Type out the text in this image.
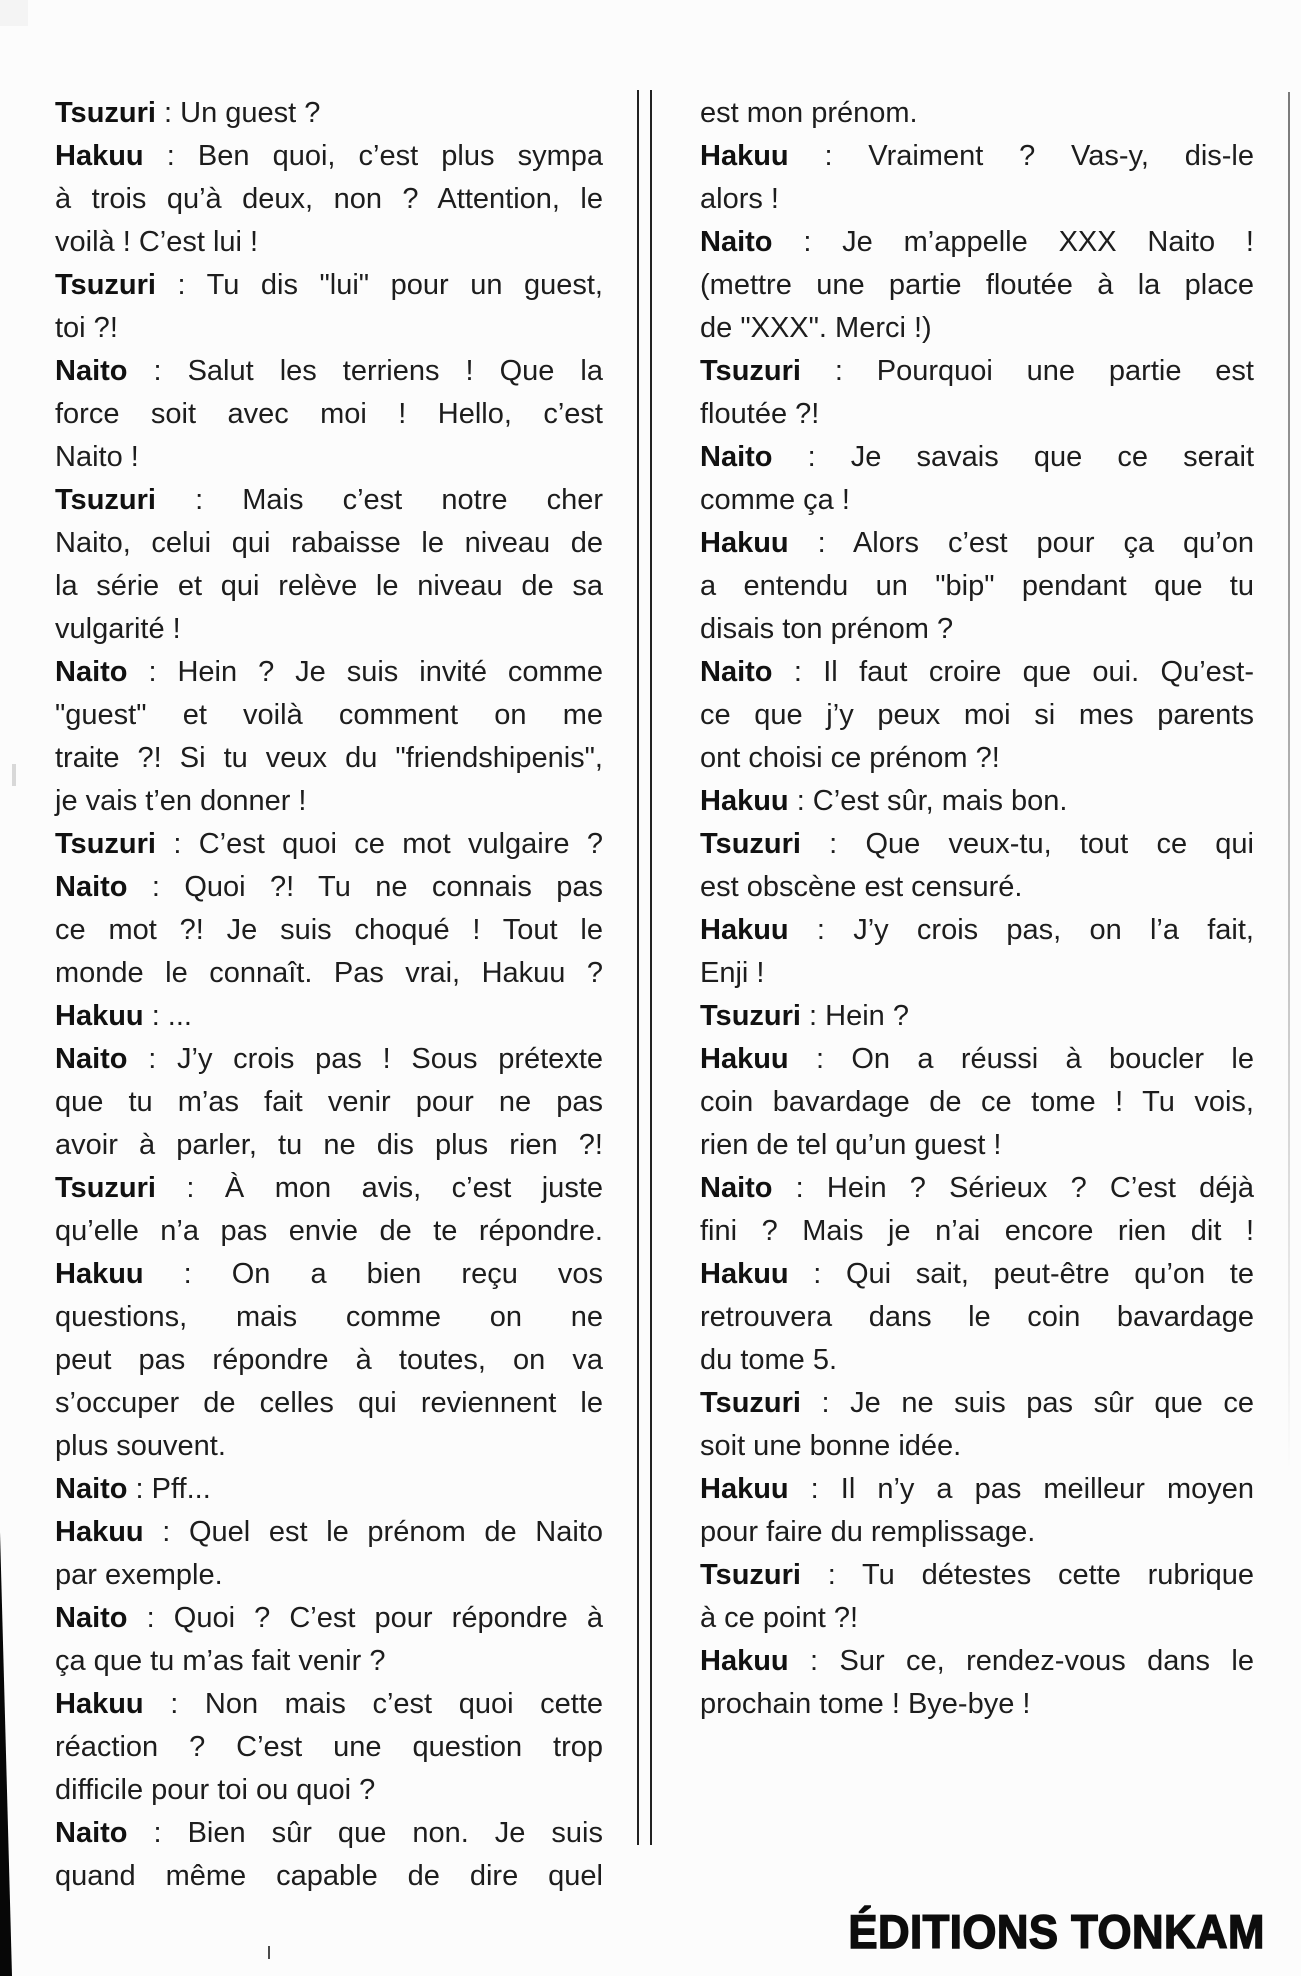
Tsuzuri : Un guest ?
Hakuu : Ben quoi, c’est plus sympa
à trois qu’à deux, non ? Attention, le
voilà ! C’est lui !
Tsuzuri : Tu dis "lui" pour un guest,
toi ?!
Naito : Salut les terriens ! Que la
force soit avec moi ! Hello, c’est
Naito !
Tsuzuri : Mais c’est notre cher
Naito, celui qui rabaisse le niveau de
la série et qui relève le niveau de sa
vulgarité !
Naito : Hein ? Je suis invité comme
"guest" et voilà comment on me
traite ?! Si tu veux du "friendshipenis",
je vais t’en donner !
Tsuzuri : C’est quoi ce mot vulgaire ?
Naito : Quoi ?! Tu ne connais pas
ce mot ?! Je suis choqué ! Tout le
monde le connaît. Pas vrai, Hakuu ?
Hakuu : ...
Naito : J’y crois pas ! Sous prétexte
que tu m’as fait venir pour ne pas
avoir à parler, tu ne dis plus rien ?!
Tsuzuri : À mon avis, c’est juste
qu’elle n’a pas envie de te répondre.
Hakuu : On a bien reçu vos
questions, mais comme on ne
peut pas répondre à toutes, on va
s’occuper de celles qui reviennent le
plus souvent.
Naito : Pff...
Hakuu : Quel est le prénom de Naito
par exemple.
Naito : Quoi ? C’est pour répondre à
ça que tu m’as fait venir ?
Hakuu : Non mais c’est quoi cette
réaction ? C’est une question trop
difficile pour toi ou quoi ?
Naito : Bien sûr que non. Je suis
quand même capable de dire quel
est mon prénom.
Hakuu : Vraiment ? Vas-y, dis-le
alors !
Naito : Je m’appelle XXX Naito !
(mettre une partie floutée à la place
de "XXX". Merci !)
Tsuzuri : Pourquoi une partie est
floutée ?!
Naito : Je savais que ce serait
comme ça !
Hakuu : Alors c’est pour ça qu’on
a entendu un "bip" pendant que tu
disais ton prénom ?
Naito : Il faut croire que oui. Qu’est-
ce que j’y peux moi si mes parents
ont choisi ce prénom ?!
Hakuu : C’est sûr, mais bon.
Tsuzuri : Que veux-tu, tout ce qui
est obscène est censuré.
Hakuu : J’y crois pas, on l’a fait,
Enji !
Tsuzuri : Hein ?
Hakuu : On a réussi à boucler le
coin bavardage de ce tome ! Tu vois,
rien de tel qu’un guest !
Naito : Hein ? Sérieux ? C’est déjà
fini ? Mais je n’ai encore rien dit !
Hakuu : Qui sait, peut-être qu’on te
retrouvera dans le coin bavardage
du tome 5.
Tsuzuri : Je ne suis pas sûr que ce
soit une bonne idée.
Hakuu : Il n’y a pas meilleur moyen
pour faire du remplissage.
Tsuzuri : Tu détestes cette rubrique
à ce point ?!
Hakuu : Sur ce, rendez-vous dans le
prochain tome ! Bye-bye !
ÉDITIONS TONKAM
